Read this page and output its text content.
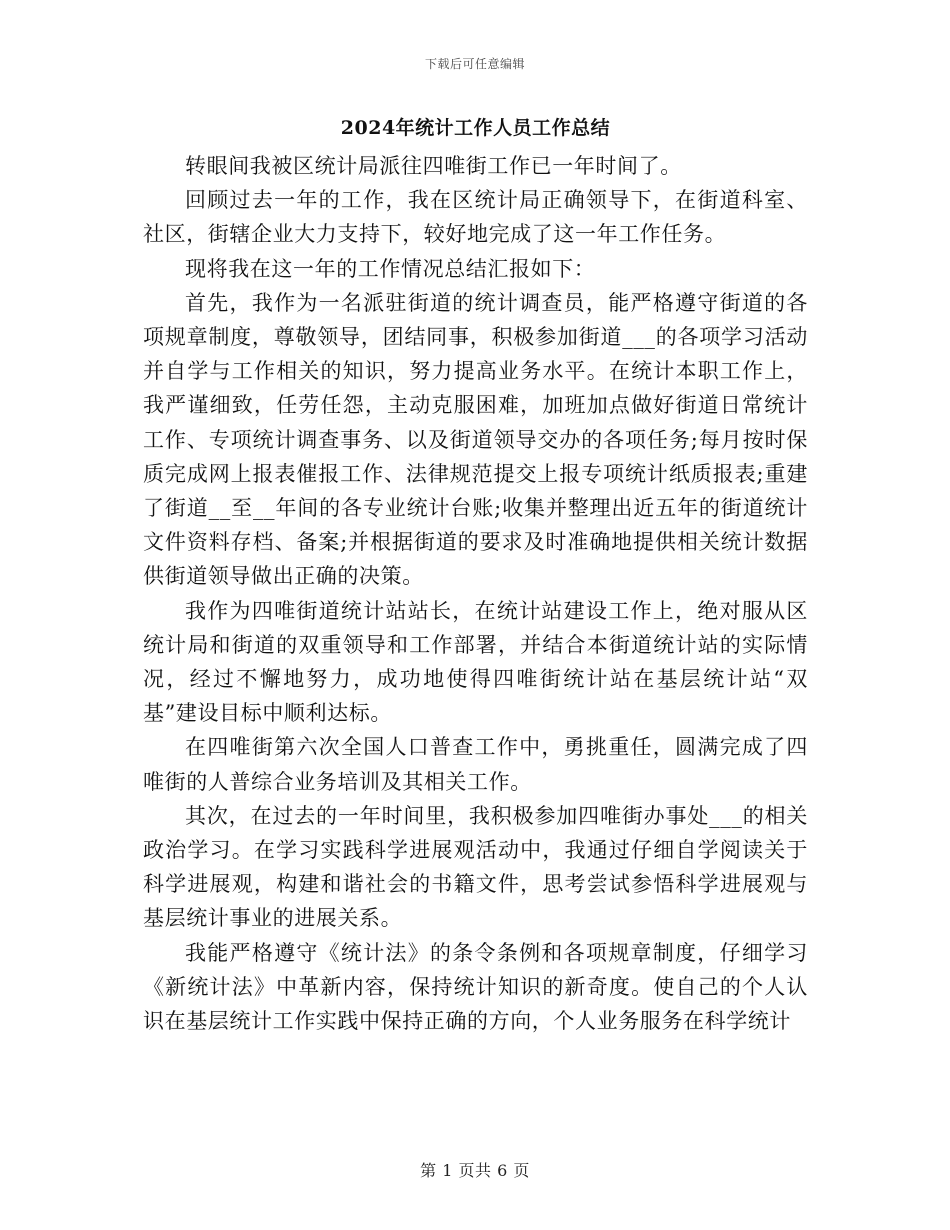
下载后可任意编辑
2024年统计工作人员工作总结

转眼间我被区统计局派往四唯街工作已一年时间了。

回顾过去一年的工作，我在区统计局正确领导下，在街道科室、社区，街辖企业大力支持下，较好地完成了这一年工作任务。

现将我在这一年的工作情况总结汇报如下：

首先，我作为一名派驻街道的统计调查员，能严格遵守街道的各项规章制度，尊敬领导，团结同事，积极参加街道___的各项学习活动并自学与工作相关的知识，努力提高业务水平。在统计本职工作上，我严谨细致，任劳任怨，主动克服困难，加班加点做好街道日常统计工作、专项统计调查事务、以及街道领导交办的各项任务;每月按时保质完成网上报表催报工作、法律规范提交上报专项统计纸质报表;重建了街道__至__年间的各专业统计台账;收集并整理出近五年的街道统计文件资料存档、备案;并根据街道的要求及时准确地提供相关统计数据供街道领导做出正确的决策。

我作为四唯街道统计站站长，在统计站建设工作上，绝对服从区统计局和街道的双重领导和工作部署，并结合本街道统计站的实际情况，经过不懈地努力，成功地使得四唯街统计站在基层统计站“双基”建设目标中顺利达标。

在四唯街第六次全国人口普查工作中，勇挑重任，圆满完成了四唯街的人普综合业务培训及其相关工作。

其次，在过去的一年时间里，我积极参加四唯街办事处___的相关政治学习。在学习实践科学进展观活动中，我通过仔细自学阅读关于科学进展观，构建和谐社会的书籍文件，思考尝试参悟科学进展观与基层统计事业的进展关系。

我能严格遵守《统计法》的条令条例和各项规章制度，仔细学习《新统计法》中革新内容，保持统计知识的新奇度。使自己的个人认识在基层统计工作实践中保持正确的方向，个人业务服务在科学统计

第 1 页共 6 页
